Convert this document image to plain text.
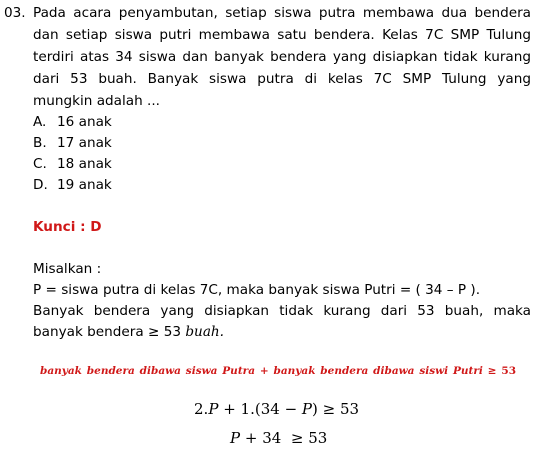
03. Pada acara penyambutan, setiap siswa putra membawa dua bendera
dan setiap siswa putri membawa satu bendera. Kelas 7C SMP Tulung
terdiri atas 34 siswa dan banyak bendera yang disiapkan tidak kurang
dari 53 buah. Banyak siswa putra di kelas 7C SMP Tulung yang
mungkin adalah ...
A. 16 anak
B. 17 anak
C. 18 anak
D. 19 anak
Kunci : D
Misalkan :
P = siswa putra di kelas 7C, maka banyak siswa Putri = ( 34 – P ).
Banyak bendera yang disiapkan tidak kurang dari 53 buah, maka
banyak bendera ≥ 53 buah.
banyak bendera dibawa siswa Putra + banyak bendera dibawa siswi Putri ≥ 53
2.P + 1.(34 − P) ≥ 53
P + 34 ≥ 53
